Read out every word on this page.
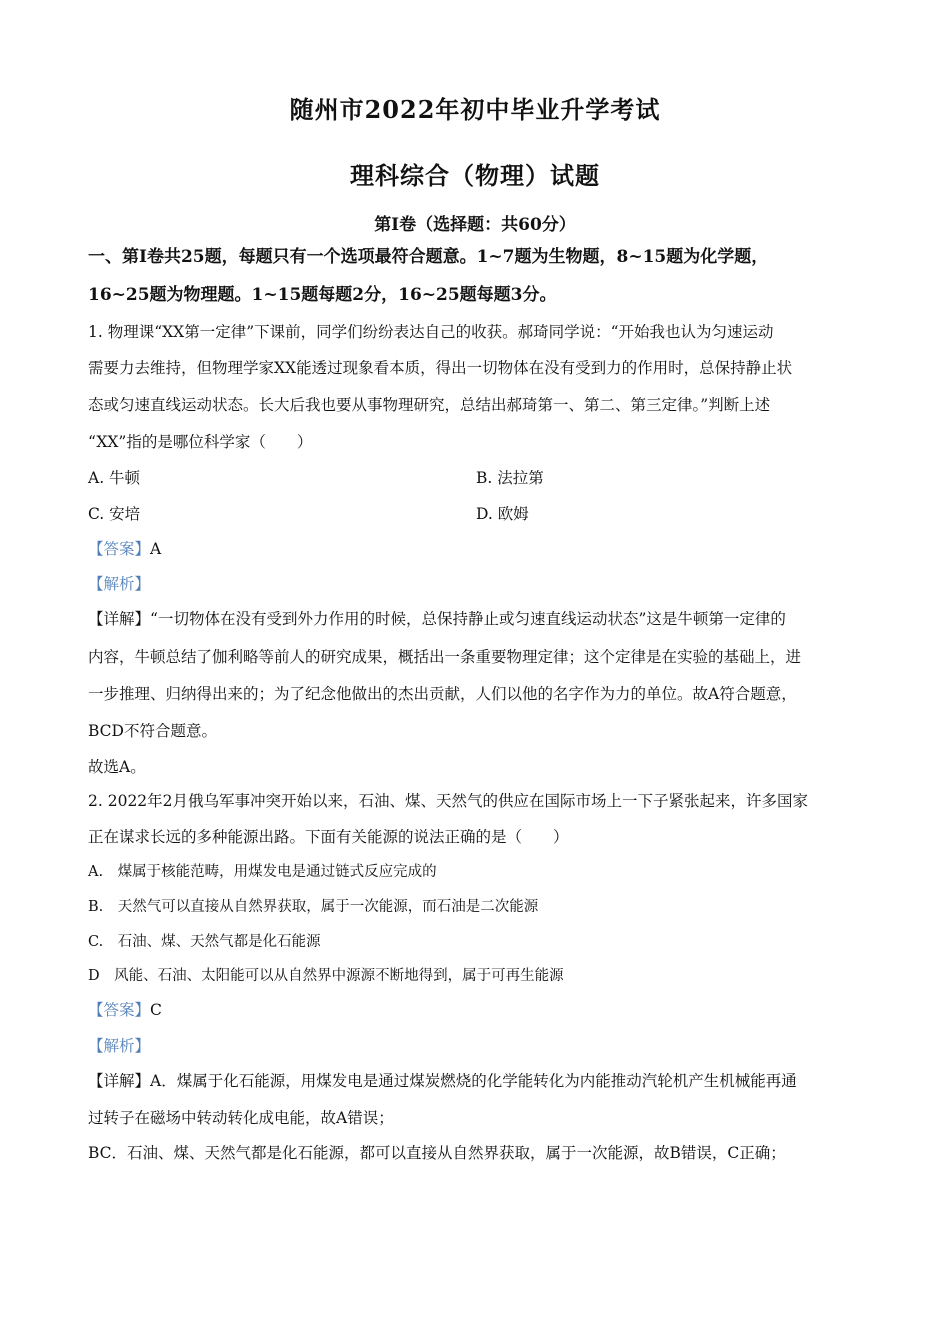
随州市2022年初中毕业升学考试
理科综合（物理）试题
第I卷（选择题：共60分）
一、第I卷共25题，每题只有一个选项最符合题意。1~7题为生物题，8~15题为化学题，
16~25题为物理题。1~15题每题2分，16~25题每题3分。
1. 物理课“XX第一定律”下课前，同学们纷纷表达自己的收获。郝琦同学说：“开始我也认为匀速运动
需要力去维持，但物理学家XX能透过现象看本质，得出一切物体在没有受到力的作用时，总保持静止状
态或匀速直线运动状态。长大后我也要从事物理研究，总结出郝琦第一、第二、第三定律。”判断上述
“XX”指的是哪位科学家（　　）
A. 牛顿	B. 法拉第
C. 安培	D. 欧姆
【答案】A
【解析】
【详解】“一切物体在没有受到外力作用的时候，总保持静止或匀速直线运动状态”这是牛顿第一定律的
内容，牛顿总结了伽利略等前人的研究成果，概括出一条重要物理定律；这个定律是在实验的基础上，进
一步推理、归纳得出来的；为了纪念他做出的杰出贡献，人们以他的名字作为力的单位。故A符合题意，
BCD不符合题意。
故选A。
2. 2022年2月俄乌军事冲突开始以来，石油、煤、天然气的供应在国际市场上一下子紧张起来，许多国家
正在谋求长远的多种能源出路。下面有关能源的说法正确的是（　　）
A.　煤属于核能范畴，用煤发电是通过链式反应完成的
B.　天然气可以直接从自然界获取，属于一次能源，而石油是二次能源
C.　石油、煤、天然气都是化石能源
D　风能、石油、太阳能可以从自然界中源源不断地得到，属于可再生能源
【答案】C
【解析】
【详解】A．煤属于化石能源，用煤发电是通过煤炭燃烧的化学能转化为内能推动汽轮机产生机械能再通
过转子在磁场中转动转化成电能，故A错误；
BC．石油、煤、天然气都是化石能源，都可以直接从自然界获取，属于一次能源，故B错误，C正确；
